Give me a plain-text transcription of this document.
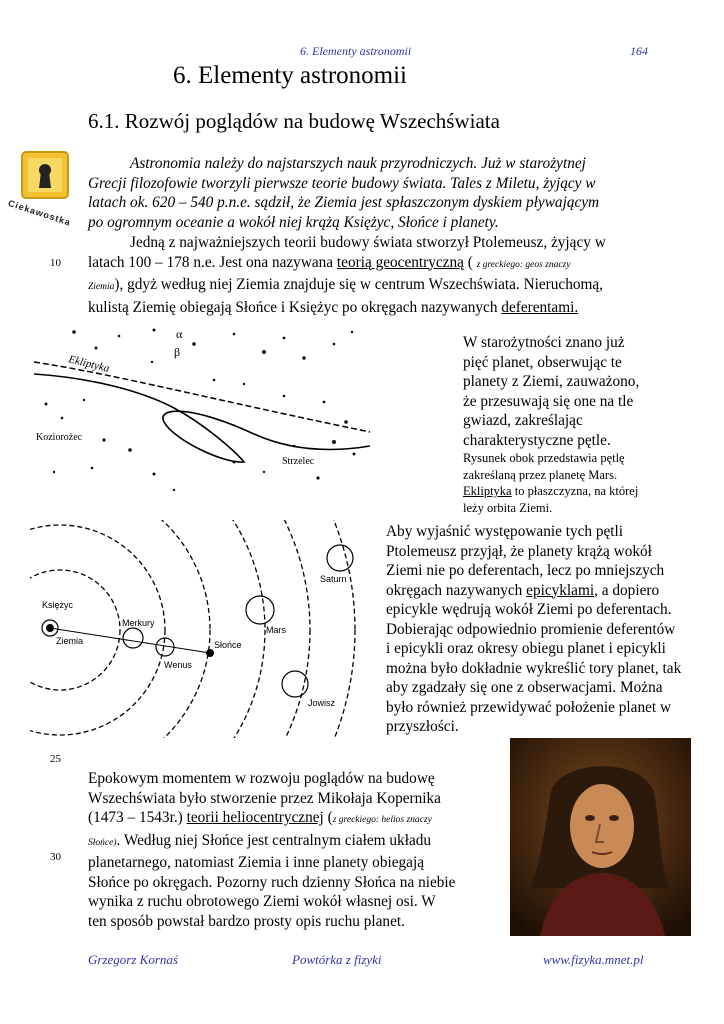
6. Elementy astronomii	164
6. Elementy astronomii
6.1. Rozwój poglądów na budowę Wszechświata
Ciekawostka
Astronomia należy do najstarszych nauk przyrodniczych. Już w starożytnej
Grecji filozofowie tworzyli pierwsze teorie budowy świata. Tales z Miletu, żyjący w
latach ok. 620 – 540 p.n.e. sądził, że Ziemia jest spłaszczonym dyskiem pływającym
po ogromnym oceanie a wokół niej krążą Księżyc, Słońce i planety.
10
Jedną z najważniejszych teorii budowy świata stworzył Ptolemeusz, żyjący w
latach 100 – 178 n.e. Jest ona nazywana teorią geocentryczną ( z greckiego: geos znaczy
Ziemia), gdyż według niej Ziemia znajduje się w centrum Wszechświata. Nieruchomą,
kulistą Ziemię obiegają Słońce i Księżyc po okręgach nazywanych deferentami.
Ekliptyka
Koziorożec
Strzelec
α
β
W starożytności znano już
pięć planet, obserwując te
planety z Ziemi, zauważono,
że przesuwają się one na tle
gwiazd, zakreślając
charakterystyczne pętle.
Rysunek obok przedstawia pętlę
zakreślaną przez planetę Mars.
Ekliptyka to płaszczyzna, na której
leży orbita Ziemi.
Księżyc
Ziemia
Merkury
Wenus
Słońce
Mars
Jowisz
Saturn
Aby wyjaśnić występowanie tych pętli
Ptolemeusz przyjął, że planety krążą wokół
Ziemi nie po deferentach, lecz po mniejszych
okręgach nazywanych epicyklami, a dopiero
epicykle wędrują wokół Ziemi po deferentach.
Dobierając odpowiednio promienie deferentów
i epicykli oraz okresy obiegu planet i epicykli
można było dokładnie wykreślić tory planet, tak
aby zgadzały się one z obserwacjami. Można
było również przewidywać położenie planet w
przyszłości.
25
30
Epokowym momentem w rozwoju poglądów na budowę
Wszechświata było stworzenie przez Mikołaja Kopernika
(1473 – 1543r.) teorii heliocentrycznej (z greckiego: helios znaczy
Słońce). Według niej Słońce jest centralnym ciałem układu
planetarnego, natomiast Ziemia i inne planety obiegają
Słońce po okręgach. Pozorny ruch dzienny Słońca na niebie
wynika z ruchu obrotowego Ziemi wokół własnej osi. W
ten sposób powstał bardzo prosty opis ruchu planet.
Grzegorz Kornaś	Powtórka z fizyki	www.fizyka.mnet.pl
